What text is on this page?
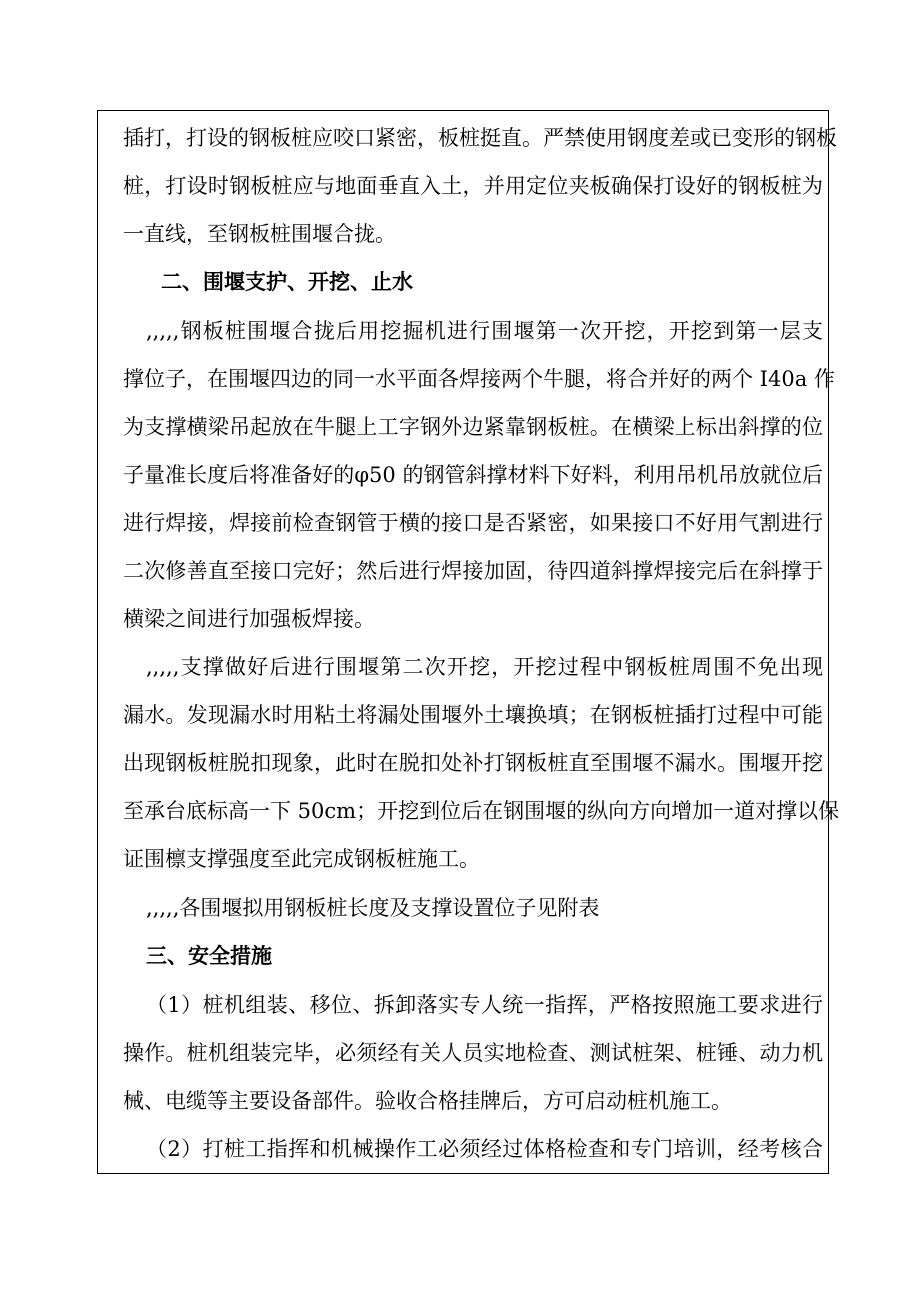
插打，打设的钢板桩应咬口紧密，板桩挺直。严禁使用钢度差或已变形的钢板
桩，打设时钢板桩应与地面垂直入土，并用定位夹板确保打设好的钢板桩为
一直线，至钢板桩围堰合拢。
二、围堰支护、开挖、止水
,,,,,钢板桩围堰合拢后用挖掘机进行围堰第一次开挖，开挖到第一层支
撑位子，在围堰四边的同一水平面各焊接两个牛腿，将合并好的两个 I40a 作
为支撑横梁吊起放在牛腿上工字钢外边紧靠钢板桩。在横梁上标出斜撑的位
子量准长度后将准备好的φ50 的钢管斜撑材料下好料，利用吊机吊放就位后
进行焊接，焊接前检查钢管于横的接口是否紧密，如果接口不好用气割进行
二次修善直至接口完好；然后进行焊接加固，待四道斜撑焊接完后在斜撑于
横梁之间进行加强板焊接。
,,,,,支撑做好后进行围堰第二次开挖，开挖过程中钢板桩周围不免出现
漏水。发现漏水时用粘土将漏处围堰外土壤换填；在钢板桩插打过程中可能
出现钢板桩脱扣现象，此时在脱扣处补打钢板桩直至围堰不漏水。围堰开挖
至承台底标高一下 50cm；开挖到位后在钢围堰的纵向方向增加一道对撑以保
证围檩支撑强度至此完成钢板桩施工。
,,,,,各围堰拟用钢板桩长度及支撑设置位子见附表
三、安全措施
（1）桩机组装、移位、拆卸落实专人统一指挥，严格按照施工要求进行
操作。桩机组装完毕，必须经有关人员实地检查、测试桩架、桩锤、动力机
械、电缆等主要设备部件。验收合格挂牌后，方可启动桩机施工。
（2）打桩工指挥和机械操作工必须经过体格检查和专门培训，经考核合
